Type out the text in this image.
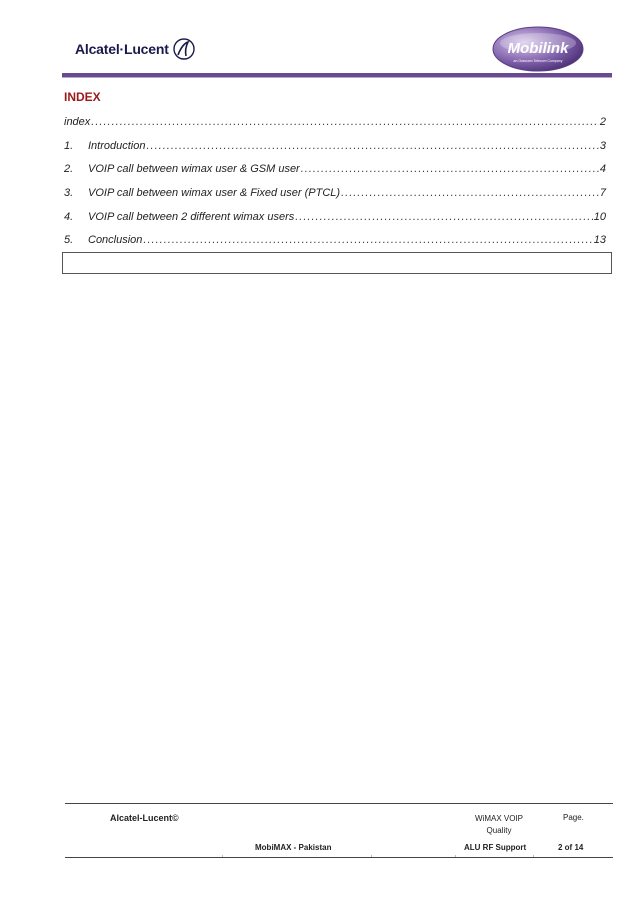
Alcatel·Lucent	Mobilink
an Orascom Telecom Company
INDEX
index .....	2
1.	Introduction .....	3
2.	VOIP call between wimax user & GSM user .....	4
3.	VOIP call between wimax user & Fixed user (PTCL) .....	7
4.	VOIP call between 2 different wimax users .....	10
5.	Conclusion .....	13
Alcatel-Lucent©	WiMAX VOIP
Quality
Page.
MobiMAX - Pakistan	ALU RF Support	2 of 14
